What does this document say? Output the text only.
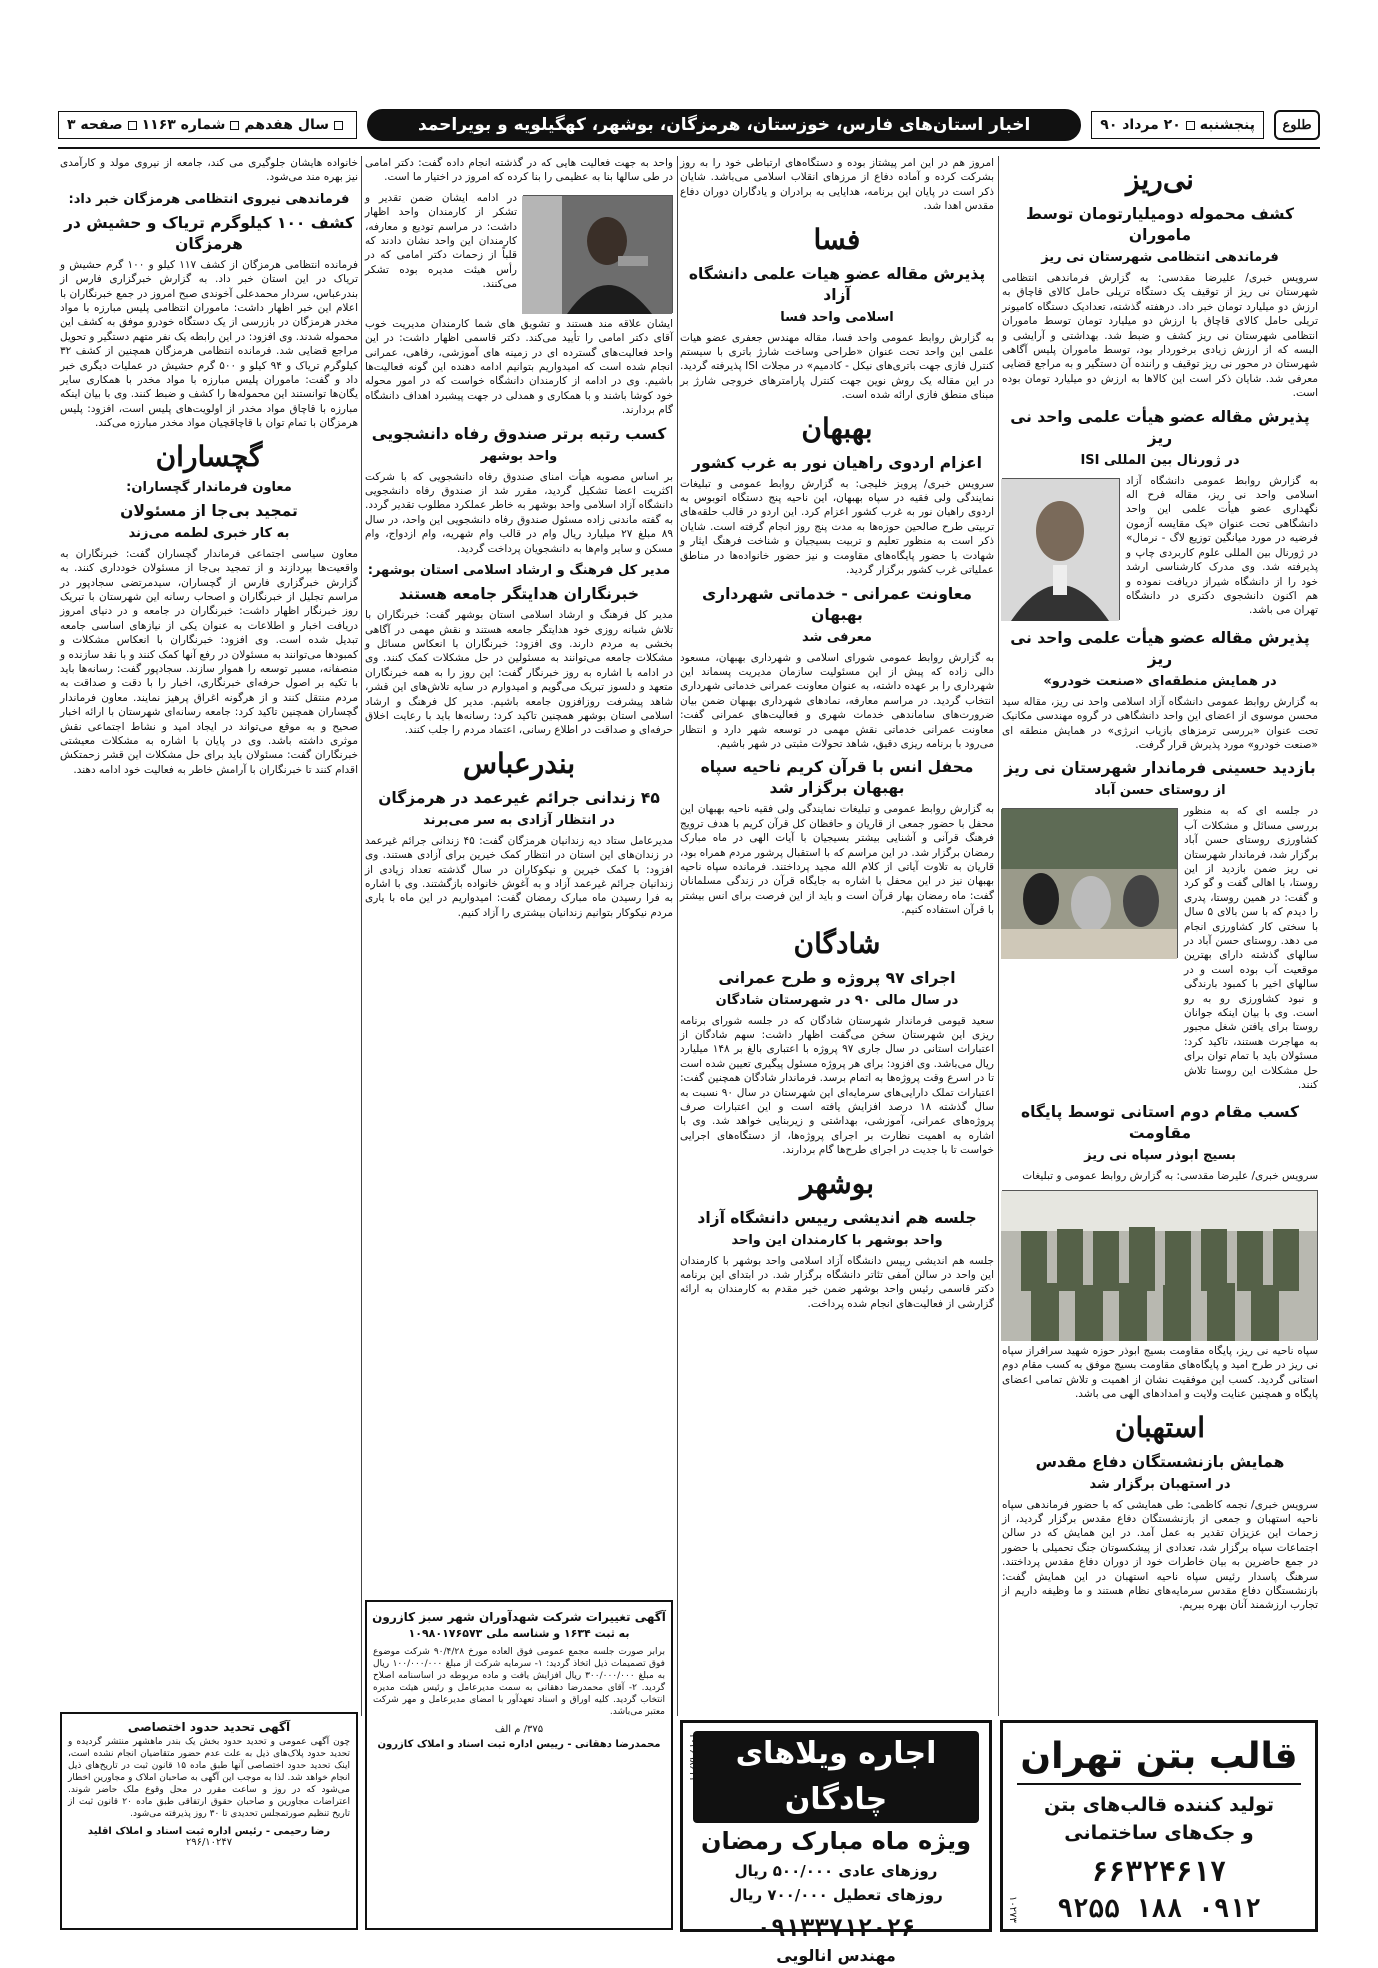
طلوع
پنجشنبه
۲۰

مرداد

۹۰
اخبار استان‌های فارس، خوزستان، هرمزگان، بوشهر، کهگیلویه و بویراحمد
سال هفدهم
شماره ۱۱۶۳
صفحه ۳
نی‌ریز
کشف محموله دومیلیارتومان توسط ماموران
فرماندهی انتظامی شهرستان نی ریز

سرویس خبری/ علیرضا مقدسی: به گزارش فرماندهی انتظامی شهرستان نی ریز از توقیف یک دستگاه تریلی حامل کالای قاچاق به ارزش دو میلیارد تومان خبر داد. درهفته گذشته، تعدادیک دستگاه کامیونر تریلی حامل کالای قاچاق با ارزش دو میلیارد تومان توسط ماموران انتظامی شهرستان نی ریز کشف و ضبط شد. بهداشتی و آرایشی و البسه که از ارزش زیادی برخوردار بود، توسط ماموران پلیس آگاهی شهرستان در محور نی ریز توقیف و راننده آن دستگیر و به مراجع قضایی معرفی شد. شایان ذکر است این کالاها به ارزش دو میلیارد تومان بوده است.

پذیرش مقاله عضو هیأت علمی واحد نی ریز
در ژورنال بین المللی ISI

به گزارش روابط عمومی دانشگاه آزاد اسلامی واحد نی ریز، مقاله فرح اله نگهداری عضو هیأت علمی این واحد دانشگاهی تحت عنوان «یک مقایسه آزمون فرضیه در مورد میانگین توزیع لاگ - نرمال» در ژورنال بین المللی علوم کاربردی چاپ و پذیرفته شد. وی مدرک کارشناسی ارشد خود را از دانشگاه شیراز دریافت نموده و هم اکنون دانشجوی دکتری در دانشگاه تهران می باشد.

پذیرش مقاله عضو هیأت علمی واحد نی ریز
در همایش منطقه‌ای «صنعت خودرو»

به گزارش روابط عمومی دانشگاه آزاد اسلامی واحد نی ریز، مقاله سید محسن موسوی از اعضای این واحد دانشگاهی در گروه مهندسی مکانیک تحت عنوان «بررسی ترمزهای بازیاب انرژی» در همایش منطقه ای «صنعت خودرو» مورد پذیرش قرار گرفت.

بازدید حسینی فرماندار شهرستان نی ریز
از روستای حسن آباد

در جلسه ای که به منظور بررسی مسائل و مشکلات آب کشاورزی روستای حسن آباد برگزار شد، فرماندار شهرستان نی ریز ضمن بازدید از این روستا، با اهالی گفت و گو کرد و گفت: در همین روستا، پدری را دیدم که با سن بالای ۵ سال با سختی کار کشاورزی انجام می دهد. روستای حسن آباد در سالهای گذشته دارای بهترین موقعیت آب بوده است و در سالهای اخیر با کمبود بارندگی و نبود کشاورزی رو به رو است. وی با بیان اینکه جوانان روستا برای یافتن شغل مجبور به مهاجرت هستند، تاکید کرد: مسئولان باید با تمام توان برای حل مشکلات این روستا تلاش کنند.

کسب مقام دوم استانی توسط پایگاه مقاومت
بسیج ابوذر سپاه نی ریز

سرویس خبری/ علیرضا مقدسی: به گزارش روابط عمومی و تبلیغات

سپاه ناحیه نی ریز، پایگاه مقاومت بسیج ابوذر حوزه شهید سرافراز سپاه نی ریز در طرح امید و پایگاه‌های مقاومت بسیج موفق به کسب مقام دوم استانی گردید. کسب این موفقیت نشان از اهمیت و تلاش تمامی اعضای پایگاه و همچنین عنایت ولایت و امدادهای الهی می باشد.

استهبان
همایش بازنشستگان دفاع مقدس
در استهبان برگزار شد

سرویس خبری/ نجمه کاظمی: طی همایشی که با حضور فرماندهی سپاه ناحیه استهبان و جمعی از بازنشستگان دفاع مقدس برگزار گردید، از زحمات این عزیزان تقدیر به عمل آمد. در این همایش که در سالن اجتماعات سپاه برگزار شد، تعدادی از پیشکسوتان جنگ تحمیلی با حضور در جمع حاضرین به بیان خاطرات خود از دوران دفاع مقدس پرداختند. سرهنگ پاسدار رئیس سپاه ناحیه استهبان در این همایش گفت: بازنشستگان دفاع مقدس سرمایه‌های نظام هستند و ما وظیفه داریم از تجارب ارزشمند آنان بهره ببریم.

امروز هم در این امر پیشتاز بوده و دستگاه‌های ارتباطی خود را به روز بشرکت کرده و آماده دفاع از مرزهای انقلاب اسلامی می‌باشد. شایان ذکر است در پایان این برنامه، هدایایی به برادران و یادگاران دوران دفاع مقدس اهدا شد.

فسا
پذیرش مقاله عضو هیات علمی دانشگاه آزاد
اسلامی واحد فسا

به گزارش روابط عمومی واحد فسا، مقاله مهندس جعفری عضو هیات علمی این واحد تحت عنوان «طراحی وساخت شارژ باتری با سیستم کنترل فازی جهت باتری‌های نیکل - کادمیم» در مجلات ISI پذیرفته گردید. در این مقاله یک روش نوین جهت کنترل پارامترهای خروجی شارژ بر مبنای منطق فازی ارائه شده است.

بهبهان
اعزام اردوی راهیان نور به غرب کشور

سرویس خبری/ پرویز خلیجی: به گزارش روابط عمومی و تبلیغات نمایندگی ولی فقیه در سپاه بهبهان، این ناحیه پنج دستگاه اتوبوس به اردوی راهیان نور به غرب کشور اعزام کرد. این اردو در قالب حلقه‌های تربیتی طرح صالحین حوزه‌ها به مدت پنج روز انجام گرفته است. شایان ذکر است به منظور تعلیم و تربیت بسیجیان و شناخت فرهنگ ایثار و شهادت با حضور پایگاه‌های مقاومت و نیز حضور خانواده‌ها در مناطق عملیاتی غرب کشور برگزار گردید.

معاونت عمرانی - خدماتی شهرداری بهبهان
معرفی شد

به گزارش روابط عمومی شورای اسلامی و شهرداری بهبهان، مسعود دالی زاده که پیش از این مسئولیت سازمان مدیریت پسماند این شهرداری را بر عهده داشته، به عنوان معاونت عمرانی خدماتی شهرداری انتخاب گردید. در مراسم معارفه، نمادهای شهرداری بهبهان ضمن بیان ضرورت‌های ساماندهی خدمات شهری و فعالیت‌های عمرانی گفت: معاونت عمرانی خدماتی نقش مهمی در توسعه شهر دارد و انتظار می‌رود با برنامه ریزی دقیق، شاهد تحولات مثبتی در شهر باشیم.

محفل انس با قرآن کریم ناحیه سپاه بهبهان برگزار شد

به گزارش روابط عمومی و تبلیغات نمایندگی ولی فقیه ناحیه بهبهان این محفل با حضور جمعی از قاریان و حافظان کل قرآن کریم با هدف ترویج فرهنگ قرآنی و آشنایی بیشتر بسیجیان با آیات الهی در ماه مبارک رمضان برگزار شد. در این مراسم که با استقبال پرشور مردم همراه بود، قاریان به تلاوت آیاتی از کلام الله مجید پرداختند. فرمانده سپاه ناحیه بهبهان نیز در این محفل با اشاره به جایگاه قرآن در زندگی مسلمانان گفت: ماه رمضان بهار قرآن است و باید از این فرصت برای انس بیشتر با قرآن استفاده کنیم.

شادگان
اجرای ۹۷ پروژه و طرح عمرانی
در سال مالی ۹۰ در شهرستان شادگان

سعید قیومی فرماندار شهرستان شادگان که در جلسه شورای برنامه ریزی این شهرستان سخن می‌گفت اظهار داشت: سهم شادگان از اعتبارات استانی در سال جاری ۹۷ پروژه با اعتباری بالغ بر ۱۴۸ میلیارد ریال می‌باشد. وی افزود: برای هر پروژه مسئول پیگیری تعیین شده است تا در اسرع وقت پروژه‌ها به اتمام برسد. فرماندار شادگان همچنین گفت: اعتبارات تملک دارایی‌های سرمایه‌ای این شهرستان در سال ۹۰ نسبت به سال گذشته ۱۸ درصد افزایش یافته است و این اعتبارات صرف پروژه‌های عمرانی، آموزشی، بهداشتی و زیربنایی خواهد شد. وی با اشاره به اهمیت نظارت بر اجرای پروژه‌ها، از دستگاه‌های اجرایی خواست تا با جدیت در اجرای طرح‌ها گام بردارند.

بوشهر
جلسه هم اندیشی رییس دانشگاه آزاد
واحد بوشهر با کارمندان این واحد

جلسه هم اندیشی رییس دانشگاه آزاد اسلامی واحد بوشهر با کارمندان این واحد در سالن آمفی تئاتر دانشگاه برگزار شد. در ابتدای این برنامه دکتر قاسمی رئیس واحد بوشهر ضمن خیر مقدم به کارمندان به ارائه گزارشی از فعالیت‌های انجام شده پرداخت.

واحد به جهت فعالیت هایی که در گذشته انجام داده گفت: دکتر امامی در طی سالها بنا به عظیمی را بنا کرده که امروز در اختیار ما است.

در ادامه ایشان ضمن تقدیر و تشکر از کارمندان واحد اظهار داشت: در مراسم تودیع و معارفه، کارمندان این واحد نشان دادند که قلباً از زحمات دکتر امامی که در رأس هیئت مدیره بوده تشکر می‌کنند.

ایشان علاقه مند هستند و تشویق های شما کارمندان مدیریت خوب آقای دکتر امامی را تأیید می‌کند. دکتر قاسمی اظهار داشت: در این واحد فعالیت‌های گسترده ای در زمینه های آموزشی، رفاهی، عمرانی انجام شده است که امیدواریم بتوانیم ادامه دهنده این گونه فعالیت‌ها باشیم. وی در ادامه از کارمندان دانشگاه خواست که در امور محوله خود کوشا باشند و با همکاری و همدلی در جهت پیشبرد اهداف دانشگاه گام بردارند.

کسب رتبه برتر صندوق رفاه دانشجویی
واحد بوشهر

بر اساس مصوبه هیأت امنای صندوق رفاه دانشجویی که با شرکت اکثریت اعضا تشکیل گردید، مقرر شد از صندوق رفاه دانشجویی دانشگاه آزاد اسلامی واحد بوشهر به خاطر عملکرد مطلوب تقدیر گردد. به گفته ماندنی زاده مسئول صندوق رفاه دانشجویی این واحد، در سال ۸۹ مبلغ ۲۷ میلیارد ریال وام در قالب وام شهریه، وام ازدواج، وام مسکن و سایر وام‌ها به دانشجویان پرداخت گردید.

مدیر کل فرهنگ و ارشاد اسلامی استان بوشهر:
خبرنگاران هدایتگر جامعه هستند

مدیر کل فرهنگ و ارشاد اسلامی استان بوشهر گفت: خبرنگاران با تلاش شبانه روزی خود هدایتگر جامعه هستند و نقش مهمی در آگاهی بخشی به مردم دارند. وی افزود: خبرنگاران با انعکاس مسائل و مشکلات جامعه می‌توانند به مسئولین در حل مشکلات کمک کنند. وی در ادامه با اشاره به روز خبرنگار گفت: این روز را به همه خبرنگاران متعهد و دلسوز تبریک می‌گویم و امیدوارم در سایه تلاش‌های این قشر، شاهد پیشرفت روزافزون جامعه باشیم. مدیر کل فرهنگ و ارشاد اسلامی استان بوشهر همچنین تاکید کرد: رسانه‌ها باید با رعایت اخلاق حرفه‌ای و صداقت در اطلاع رسانی، اعتماد مردم را جلب کنند.

بندرعباس
۴۵ زندانی جرائم غیرعمد در هرمزگان
در انتظار آزادی به سر می‌برند

مدیرعامل ستاد دیه زندانیان هرمزگان گفت: ۴۵ زندانی جرائم غیرعمد در زندان‌های این استان در انتظار کمک خیرین برای آزادی هستند. وی افزود: با کمک خیرین و نیکوکاران در سال گذشته تعداد زیادی از زندانیان جرائم غیرعمد آزاد و به آغوش خانواده بازگشتند. وی با اشاره به فرا رسیدن ماه مبارک رمضان گفت: امیدواریم در این ماه با یاری مردم نیکوکار بتوانیم زندانیان بیشتری را آزاد کنیم.

خانواده هایشان جلوگیری می کند، جامعه از نیروی مولد و کارآمدی نیز بهره مند می‌شود.

فرماندهی نیروی انتظامی هرمزگان خبر داد:
کشف ۱۰۰ کیلوگرم تریاک و حشیش در هرمزگان

فرمانده انتظامی هرمزگان از کشف ۱۱۷ کیلو و ۱۰۰ گرم حشیش و تریاک در این استان خبر داد. به گزارش خبرگزاری فارس از بندرعباس، سردار محمدعلی آخوندی صبح امروز در جمع خبرنگاران با اعلام این خبر اظهار داشت: ماموران انتظامی پلیس مبارزه با مواد مخدر هرمزگان در بازرسی از یک دستگاه خودرو موفق به کشف این محموله شدند. وی افزود: در این رابطه یک نفر متهم دستگیر و تحویل مراجع قضایی شد. فرمانده انتظامی هرمزگان همچنین از کشف ۳۲ کیلوگرم تریاک و ۹۴ کیلو و ۵۰۰ گرم حشیش در عملیات دیگری خبر داد و گفت: ماموران پلیس مبارزه با مواد مخدر با همکاری سایر یگان‌ها توانستند این محموله‌ها را کشف و ضبط کنند. وی با بیان اینکه مبارزه با قاچاق مواد مخدر از اولویت‌های پلیس است، افزود: پلیس هرمزگان با تمام توان با قاچاقچیان مواد مخدر مبارزه می‌کند.

گچساران
معاون فرماندار گچساران:
تمجید بی‌جا از مسئولان
به کار خبری لطمه می‌زند

معاون سیاسی اجتماعی فرماندار گچساران گفت: خبرنگاران به واقعیت‌ها بپردازند و از تمجید بی‌جا از مسئولان خودداری کنند. به گزارش خبرگزاری فارس از گچساران، سیدمرتضی سجادپور در مراسم تجلیل از خبرنگاران و اصحاب رسانه این شهرستان با تبریک روز خبرنگار اظهار داشت: خبرنگاران در جامعه و در دنیای امروز دریافت اخبار و اطلاعات به عنوان یکی از نیازهای اساسی جامعه تبدیل شده است. وی افزود: خبرنگاران با انعکاس مشکلات و کمبودها می‌توانند به مسئولان در رفع آنها کمک کنند و با نقد سازنده و منصفانه، مسیر توسعه را هموار سازند. سجادپور گفت: رسانه‌ها باید با تکیه بر اصول حرفه‌ای خبرنگاری، اخبار را با دقت و صداقت به مردم منتقل کنند و از هرگونه اغراق پرهیز نمایند. معاون فرماندار گچساران همچنین تاکید کرد: جامعه رسانه‌ای شهرستان با ارائه اخبار صحیح و به موقع می‌تواند در ایجاد امید و نشاط اجتماعی نقش موثری داشته باشد. وی در پایان با اشاره به مشکلات معیشتی خبرنگاران گفت: مسئولان باید برای حل مشکلات این قشر زحمتکش اقدام کنند تا خبرنگاران با آرامش خاطر به فعالیت خود ادامه دهند.

قالب بتن تهران
تولید کننده قالب‌های بتن
و جک‌های ساختمانی
۶۶۳۲۴۶۱۷
۰۹۱۲ ۱۸۸ ۹۲۵۵
۱۰۲۷۳
اجاره ویلاهای چادگان
ویژه ماه مبارک رمضان
روزهای عادی ۵۰۰/۰۰۰ ریال
روزهای تعطیل ۷۰۰/۰۰۰ ریال
۰۹۱۳۳۷۱۲۰۲۶
مهندس انالویی
۱۰۲۶۹۸۶۱۱
آگهی تغییرات شرکت شهدآوران شهر سبز کازرون
به ثبت ۱۶۳۴ و شناسه ملی ۱۰۹۸۰۱۷۶۵۷۳

برابر صورت جلسه مجمع عمومی فوق العاده مورخ ۹۰/۴/۲۸ شرکت موضوع فوق تصمیمات ذیل اتخاذ گردید: ۱- سرمایه شرکت از مبلغ ۱۰۰/۰۰۰/۰۰۰ ریال به مبلغ ۳۰۰/۰۰۰/۰۰۰ ریال افزایش یافت و ماده مربوطه در اساسنامه اصلاح گردید. ۲- آقای محمدرضا دهقانی به سمت مدیرعامل و رئیس هیئت مدیره انتخاب گردید. کلیه اوراق و اسناد تعهدآور با امضای مدیرعامل و مهر شرکت معتبر می‌باشد.

۳۷۵/ م الف
محمدرضا دهقانی - رییس اداره ثبت اسناد و املاک کازرون
آگهی تحدید حدود اختصاصی

چون آگهی عمومی و تحدید حدود بخش یک بندر ماهشهر منتشر گردیده و تحدید حدود پلاک‌های ذیل به علت عدم حضور متقاضیان انجام نشده است، اینک تحدید حدود اختصاصی آنها طبق ماده ۱۵ قانون ثبت در تاریخ‌های ذیل انجام خواهد شد. لذا به موجب این آگهی به صاحبان املاک و مجاورین اخطار می‌شود که در روز و ساعت مقرر در محل وقوع ملک حاضر شوند. اعتراضات مجاورین و صاحبان حقوق ارتفاقی طبق ماده ۲۰ قانون ثبت از تاریخ تنظیم صورتمجلس تحدیدی تا ۳۰ روز پذیرفته می‌شود.

رضا رحیمی - رئیس اداره ثبت اسناد و املاک اقلید
۲۹۶/۱۰۲۴۷
